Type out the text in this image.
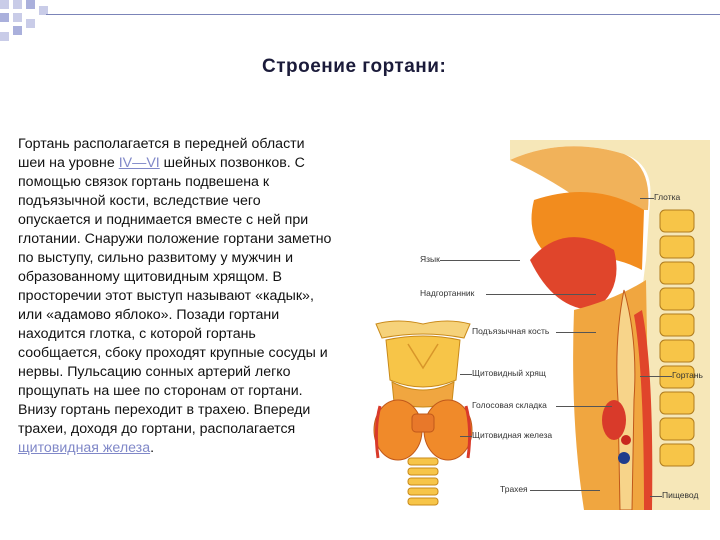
Строение гортани:
Гортань располагается в передней области шеи на уровне IV—VI шейных позвонков. С помощью связок гортань подвешена к подъязычной кости, вследствие чего опускается и поднимается вместе с ней при глотании. Снаружи положение гортани заметно по выступу, сильно развитому у мужчин и образованному щитовидным хрящом. В просторечии этот выступ называют «кадык», или «адамово яблоко». Позади гортани находится глотка, с которой гортань сообщается, сбоку проходят крупные сосуды и нервы. Пульсацию сонных артерий легко прощупать на шее по сторонам от гортани. Внизу гортань переходит в трахею. Впереди трахеи, доходя до гортани, располагается щитовидная железа.
Глотка
Язык
Надгортанник
Подъязычная кость
Щитовидный хрящ	Гортань
Голосовая складка
Щитовидная железа
Трахея
Пищевод
